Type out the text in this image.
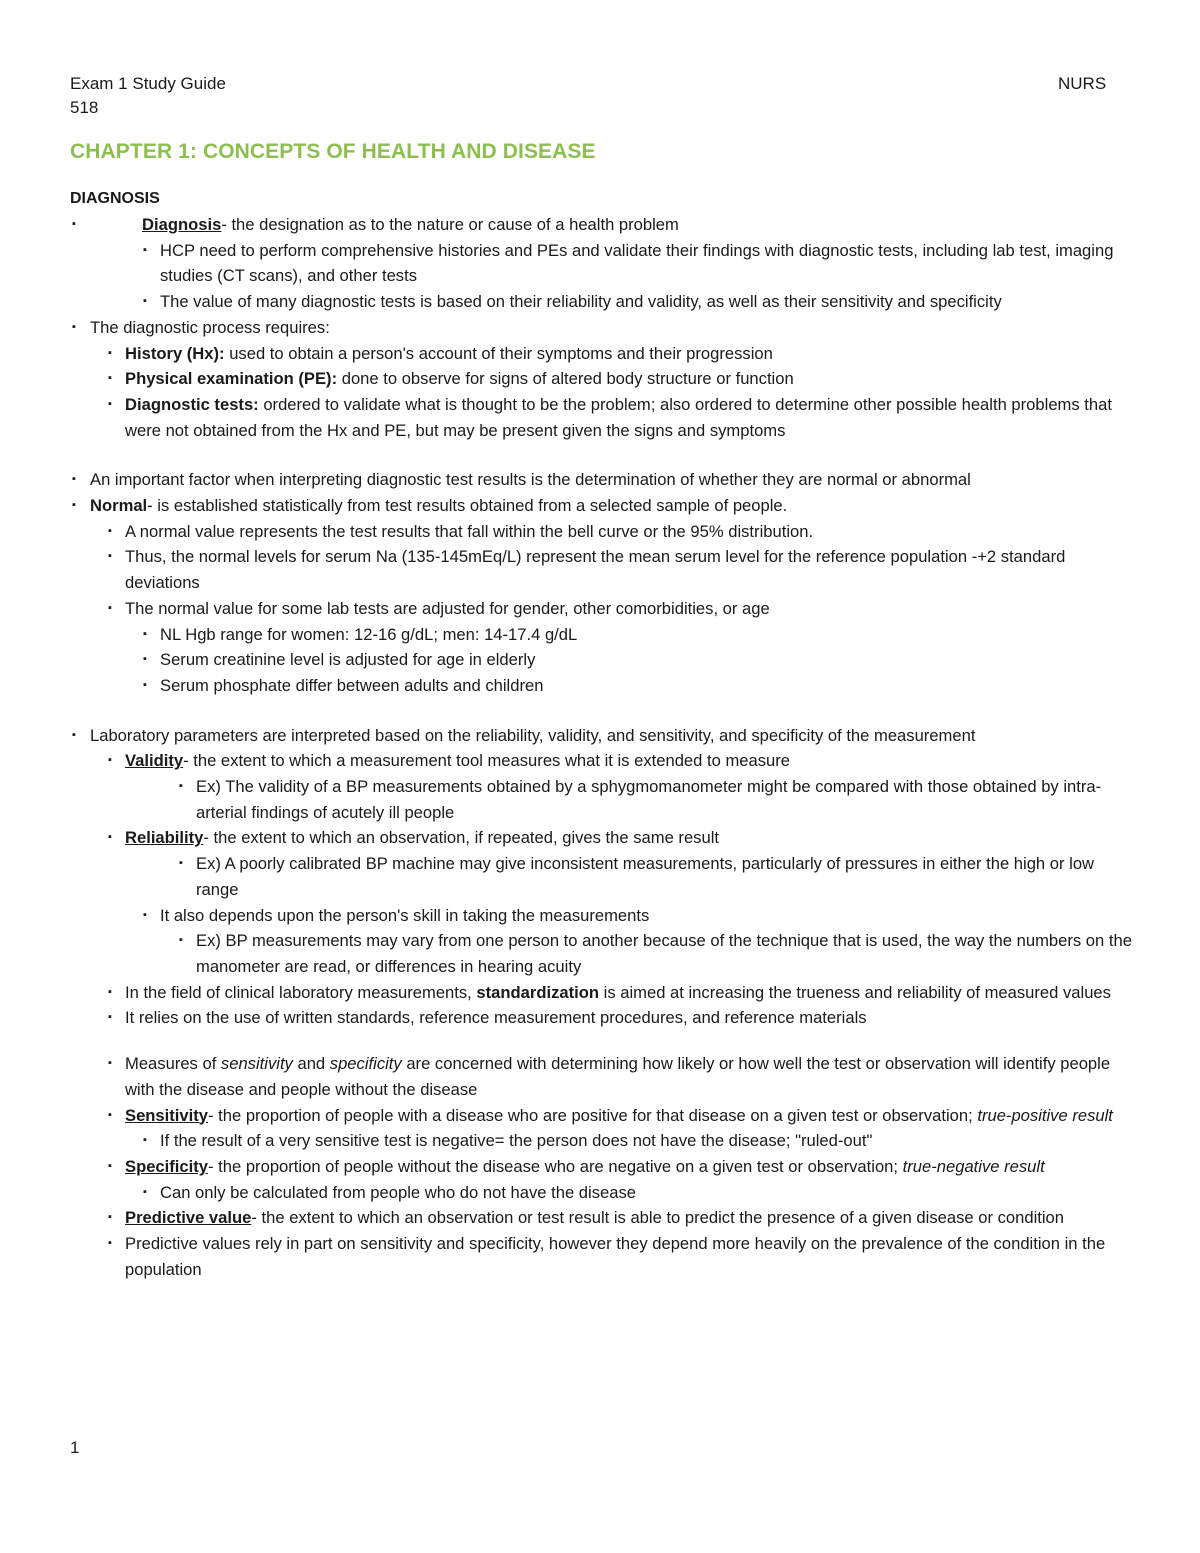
Exam 1 Study Guide
518
NURS
CHAPTER 1: CONCEPTS OF HEALTH AND DISEASE
DIAGNOSIS
▪	Diagnosis- the designation as to the nature or cause of a health problem
▪ HCP need to perform comprehensive histories and PEs and validate their findings with diagnostic tests, including lab test, imaging studies (CT scans), and other tests
▪ The value of many diagnostic tests is based on their reliability and validity, as well as their sensitivity and specificity
▪ The diagnostic process requires:
▪ History (Hx): used to obtain a person's account of their symptoms and their progression
▪ Physical examination (PE): done to observe for signs of altered body structure or function
▪ Diagnostic tests: ordered to validate what is thought to be the problem; also ordered to determine other possible health problems that were not obtained from the Hx and PE, but may be present given the signs and symptoms
▪ An important factor when interpreting diagnostic test results is the determination of whether they are normal or abnormal
▪ Normal- is established statistically from test results obtained from a selected sample of people.
▪ A normal value represents the test results that fall within the bell curve or the 95% distribution.
▪ Thus, the normal levels for serum Na (135-145mEq/L) represent the mean serum level for the reference population -+2 standard deviations
▪ The normal value for some lab tests are adjusted for gender, other comorbidities, or age
▪ NL Hgb range for women: 12-16 g/dL; men: 14-17.4 g/dL
▪ Serum creatinine level is adjusted for age in elderly
▪ Serum phosphate differ between adults and children
▪ Laboratory parameters are interpreted based on the reliability, validity, and sensitivity, and specificity of the measurement
▪ Validity- the extent to which a measurement tool measures what it is extended to measure
▪ Ex) The validity of a BP measurements obtained by a sphygmomanometer might be compared with those obtained by intra-arterial findings of acutely ill people
▪ Reliability- the extent to which an observation, if repeated, gives the same result
▪ Ex) A poorly calibrated BP machine may give inconsistent measurements, particularly of pressures in either the high or low range
▪ It also depends upon the person's skill in taking the measurements
▪ Ex) BP measurements may vary from one person to another because of the technique that is used, the way the numbers on the manometer are read, or differences in hearing acuity
▪ In the field of clinical laboratory measurements, standardization is aimed at increasing the trueness and reliability of measured values
▪ It relies on the use of written standards, reference measurement procedures, and reference materials
▪ Measures of sensitivity and specificity are concerned with determining how likely or how well the test or observation will identify people with the disease and people without the disease
▪ Sensitivity- the proportion of people with a disease who are positive for that disease on a given test or observation; true-positive result
▪ If the result of a very sensitive test is negative= the person does not have the disease; "ruled-out"
▪ Specificity- the proportion of people without the disease who are negative on a given test or observation; true-negative result
▪ Can only be calculated from people who do not have the disease
▪ Predictive value- the extent to which an observation or test result is able to predict the presence of a given disease or condition
▪ Predictive values rely in part on sensitivity and specificity, however they depend more heavily on the prevalence of the condition in the population
1
